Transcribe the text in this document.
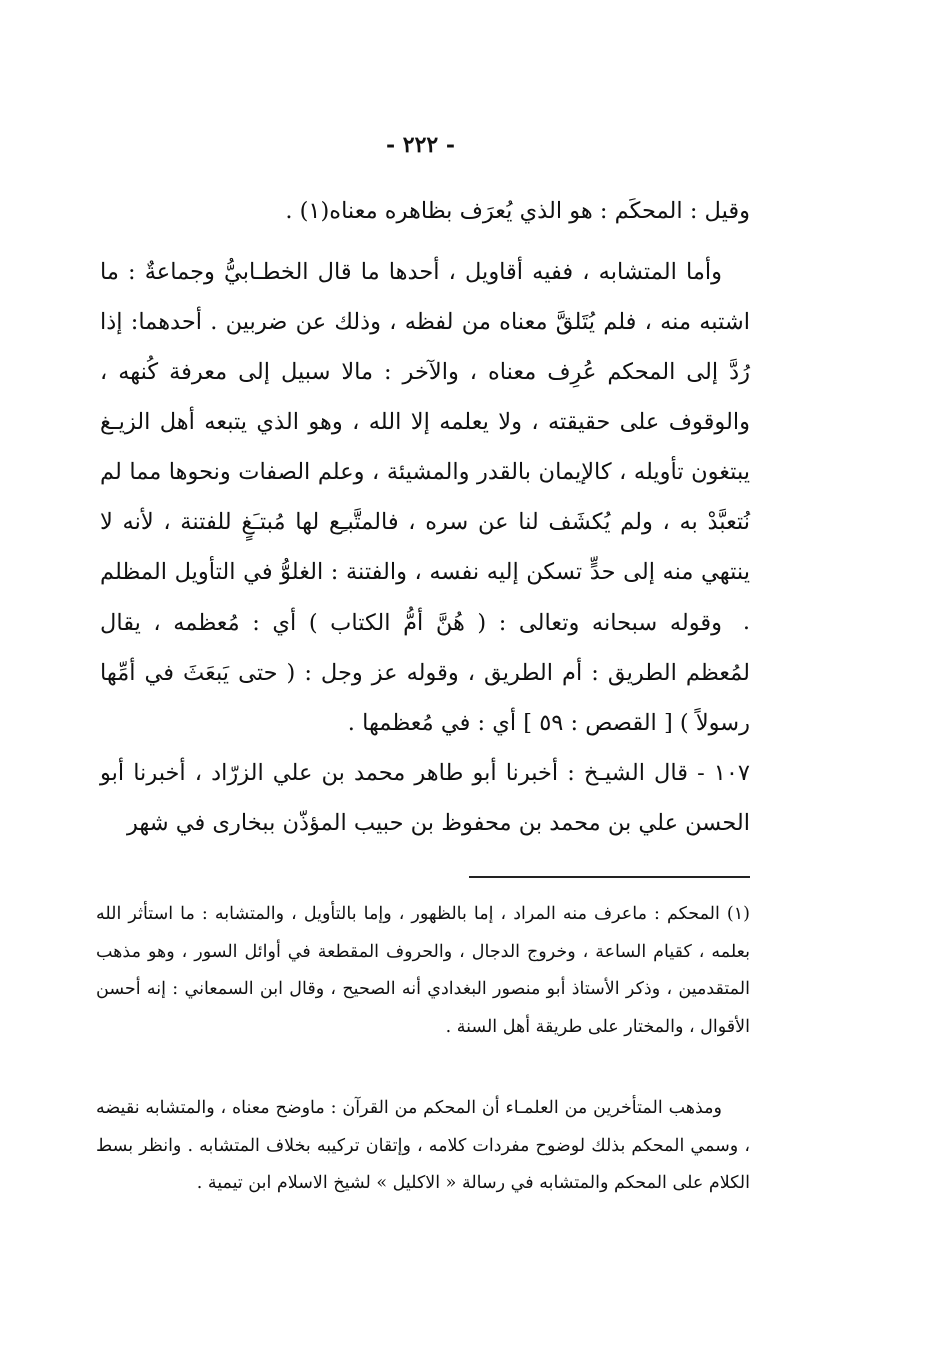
- ٢٢٢ -

وقيل : المحكَم : هو الذي يُعرَف بظاهره معناه(١) .

وأما المتشابه ، ففيه أقاويل ، أحدها ما قال الخطـابيُّ وجماعةٌ : ما اشتبه منه ، فلم يُتَلقَّ معناه من لفظه ، وذلك عن ضربين . أحدهما: إذا رُدَّ إلى المحكم عُرِف معناه ، والآخر : مالا سبيل إلى معرفة كُنهه ، والوقوف على حقيقته ، ولا يعلمه إلا الله ، وهو الذي يتبعه أهل الزيـغ يبتغون تأويله ، كالإيمان بالقدر والمشيئة ، وعلم الصفات ونحوها مما لم نُتعبَّدْ به ، ولم يُكشَف لنا عن سره ، فالمتَّبـِع لها مُبتـَغٍ للفتنة ، لأنه لا ينتهي منه إلى حدٍّ تسكن إليه نفسه ، والفتنة : الغلوُّ في التأويل المظلم .

وقوله سبحانه وتعالى : ( هُنَّ أمُّ الكتاب ) أي : مُعظمه ، يقال لمُعظم الطريق : أم الطريق ، وقوله عز وجل : ( حتى يَبعَثَ في أمِّها رسولاً ) [ القصص : ٥٩ ] أي : في مُعظمها .

١٠٧ - قال الشيـخ : أخبرنا أبو طاهر محمد بن علي الزرّاد ، أخبرنا أبو الحسن علي بن محمد بن محفوظ بن حبيب المؤذّن ببخارى في شهر

(١) المحكم : ماعرف منه المراد ، إما بالظهور ، وإما بالتأويل ، والمتشابه : ما استأثر الله بعلمه ، كقيام الساعة ، وخروج الدجال ، والحروف المقطعة في أوائل السور ، وهو مذهب المتقدمين ، وذكر الأستاذ أبو منصور البغدادي أنه الصحيح ، وقال ابن السمعاني : إنه أحسن الأقوال ، والمختار على طريقة أهل السنة .

ومذهب المتأخرين من العلمـاء أن المحكم من القرآن : ماوضح معناه ، والمتشابه نقيضه ، وسمي المحكم بذلك لوضوح مفردات كلامه ، وإتقان تركيبه بخلاف المتشابه . وانظر بسط الكلام على المحكم والمتشابه في رسالة « الاكليل » لشيخ الاسلام ابن تيمية .
